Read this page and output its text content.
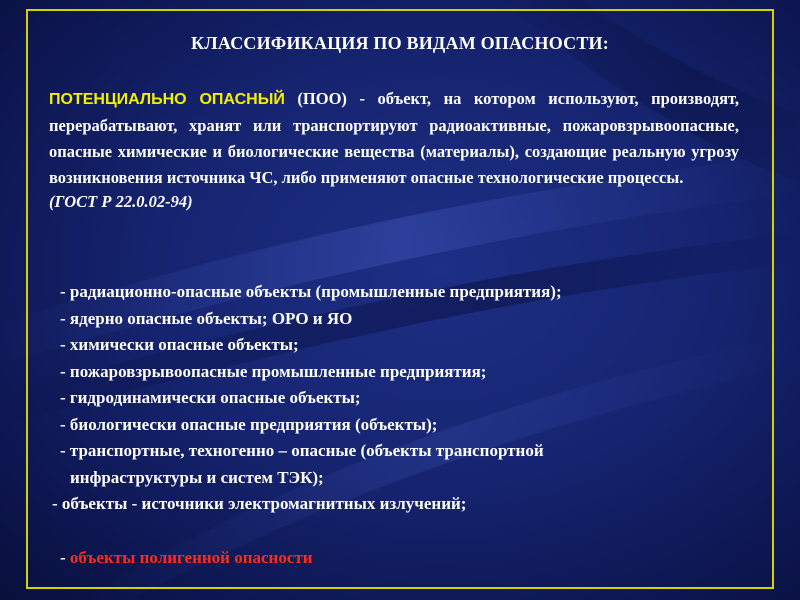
КЛАССИФИКАЦИЯ ПО ВИДАМ ОПАСНОСТИ:
ПОТЕНЦИАЛЬНО ОПАСНЫЙ (ПОО) - объект, на котором используют, производят, перерабатывают, хранят или транспортируют радиоактивные, пожаровзрывоопасные, опасные химические и биологические вещества (материалы), создающие реальную угрозу возникновения источника ЧС, либо применяют опасные технологические процессы.
(ГОСТ Р 22.0.02-94)
- радиационно-опасные объекты (промышленные предприятия);
- ядерно опасные объекты; ОРО и ЯО
- химически опасные объекты;
- пожаровзрывоопасные промышленные предприятия;
- гидродинамически опасные объекты;
- биологически опасные предприятия (объекты);
- транспортные, техногенно – опасные (объекты транспортной
инфраструктуры и систем ТЭК);
- объекты - источники электромагнитных излучений;
- объекты полигенной опасности
